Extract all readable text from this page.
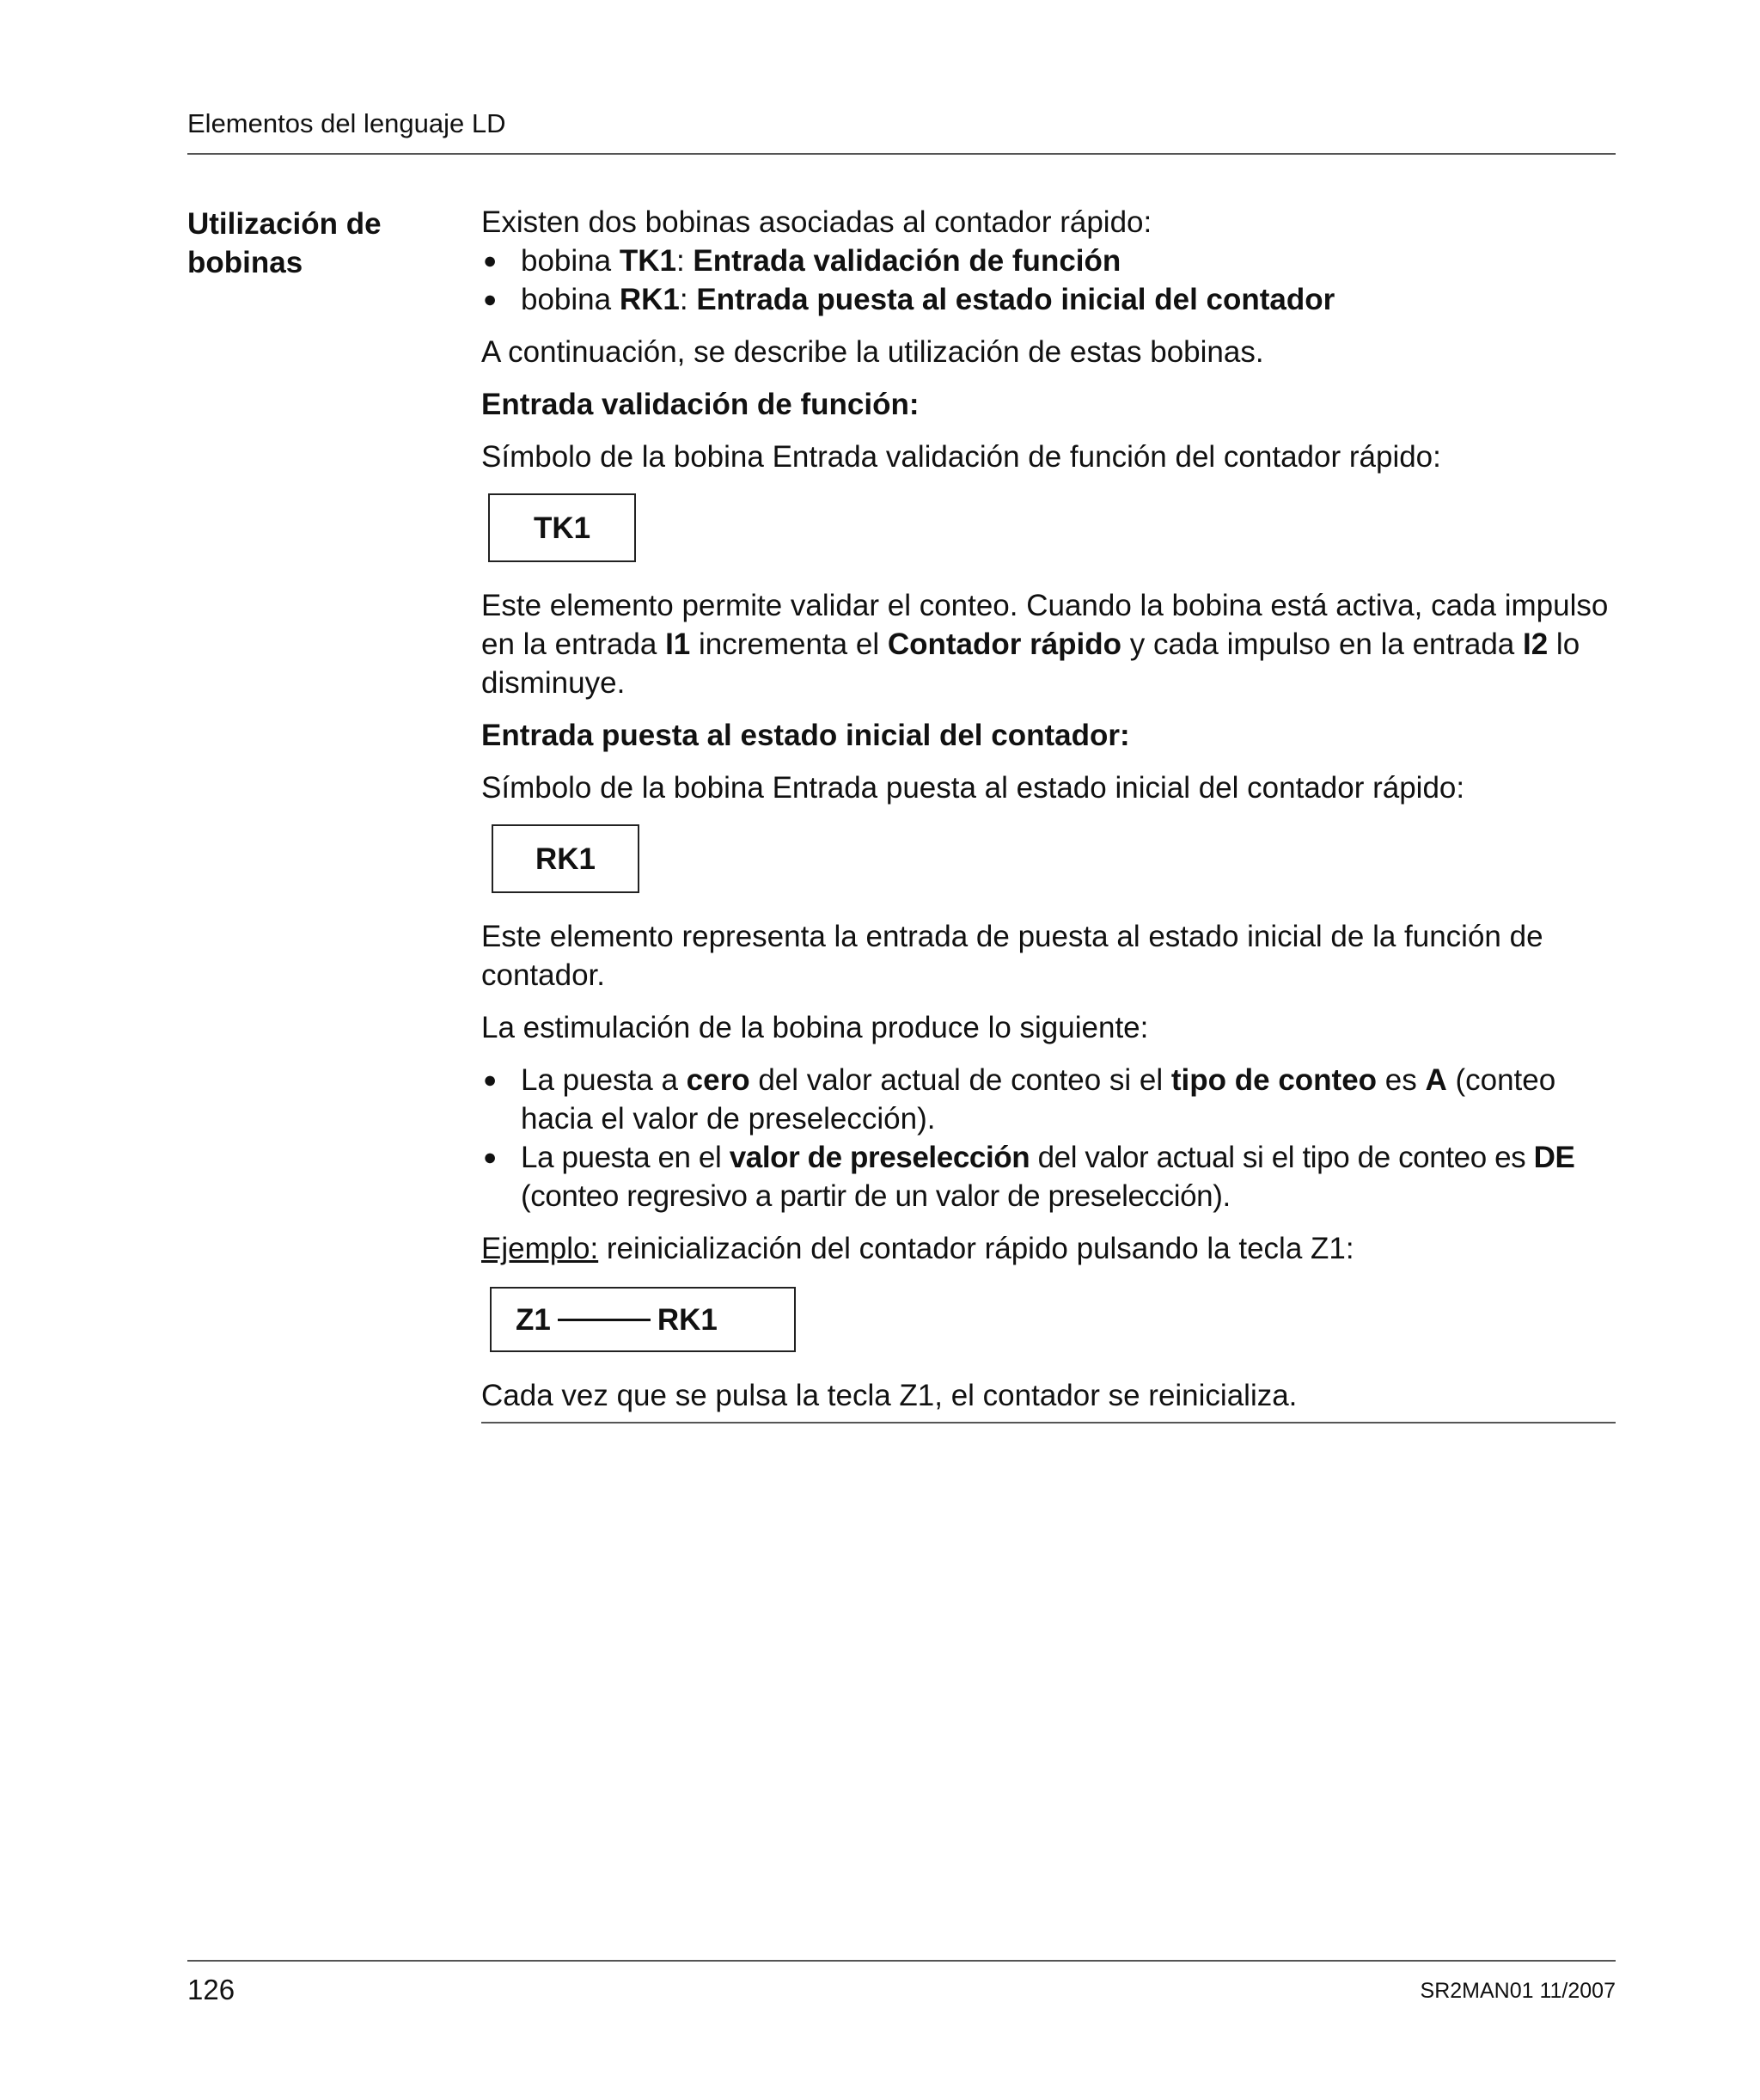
Elementos del lenguaje LD
Utilización de
bobinas

Existen dos bobinas asociadas al contador rápido:

● bobina TK1: Entrada validación de función
● bobina RK1: Entrada puesta al estado inicial del contador

A continuación, se describe la utilización de estas bobinas.

Entrada validación de función:

Símbolo de la bobina Entrada validación de función del contador rápido:

TK1

Este elemento permite validar el conteo. Cuando la bobina está activa, cada impulso en la entrada I1 incrementa el Contador rápido y cada impulso en la entrada I2 lo disminuye.

Entrada puesta al estado inicial del contador:

Símbolo de la bobina Entrada puesta al estado inicial del contador rápido:

RK1

Este elemento representa la entrada de puesta al estado inicial de la función de contador.

La estimulación de la bobina produce lo siguiente:

● La puesta a cero del valor actual de conteo si el tipo de conteo es A (conteo hacia el valor de preselección).
● La puesta en el valor de preselección del valor actual si el tipo de conteo es DE (conteo regresivo a partir de un valor de preselección).

Ejemplo: reinicialización del contador rápido pulsando la tecla Z1:

Z1	RK1

Cada vez que se pulsa la tecla Z1, el contador se reinicializa.

126	SR2MAN01 11/2007
